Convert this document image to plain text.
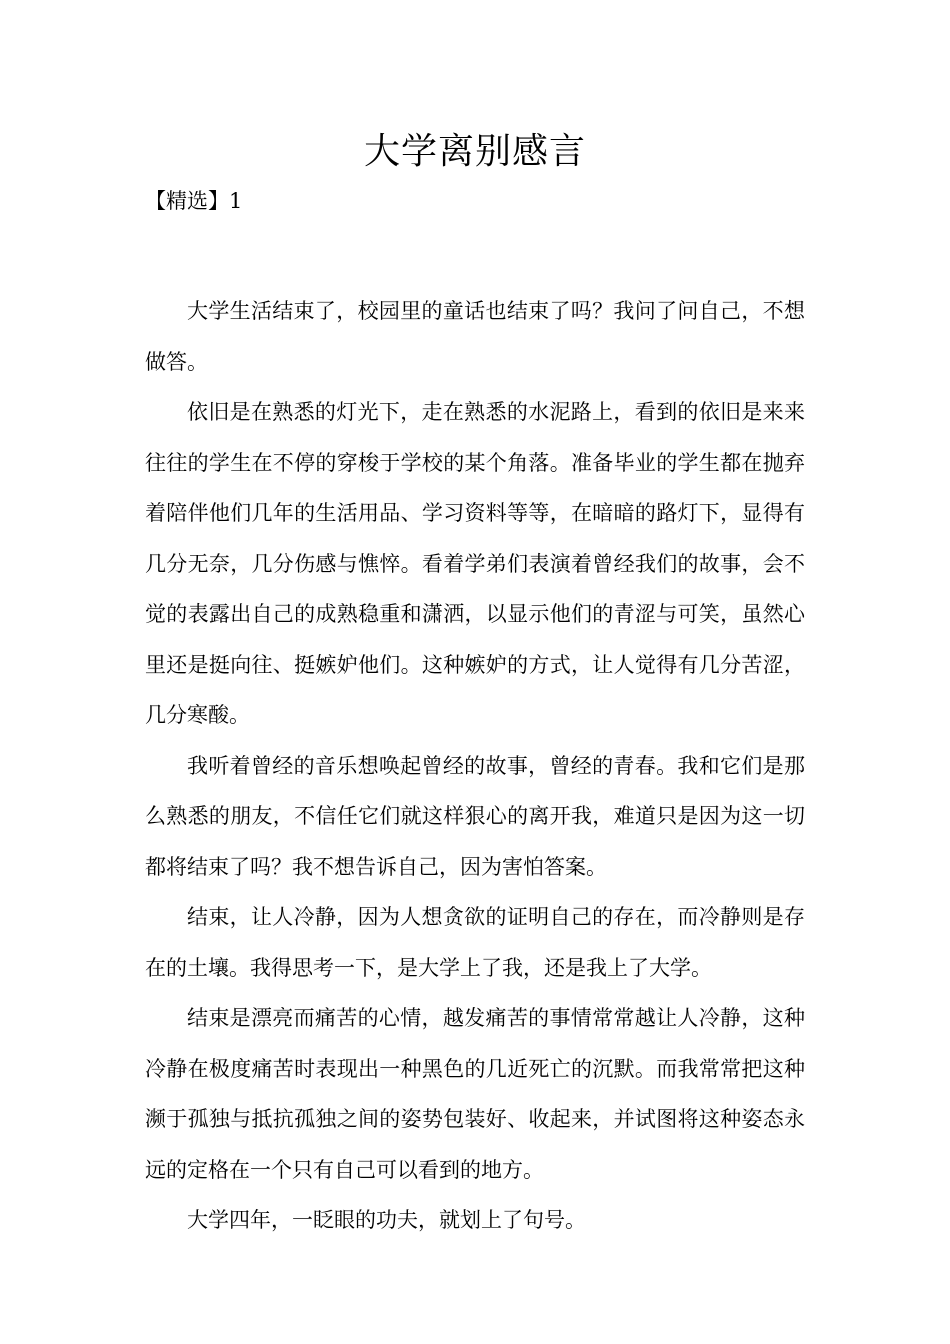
大学离别感言
【精选】1

大学生活结束了，校园里的童话也结束了吗？我问了问自己，不想做答。

依旧是在熟悉的灯光下，走在熟悉的水泥路上，看到的依旧是来来往往的学生在不停的穿梭于学校的某个角落。准备毕业的学生都在抛弃着陪伴他们几年的生活用品、学习资料等等，在暗暗的路灯下，显得有几分无奈，几分伤感与憔悴。看着学弟们表演着曾经我们的故事，会不觉的表露出自己的成熟稳重和潇洒，以显示他们的青涩与可笑，虽然心里还是挺向往、挺嫉妒他们。这种嫉妒的方式，让人觉得有几分苦涩，几分寒酸。

我听着曾经的音乐想唤起曾经的故事，曾经的青春。我和它们是那么熟悉的朋友，不信任它们就这样狠心的离开我，难道只是因为这一切都将结束了吗？我不想告诉自己，因为害怕答案。

结束，让人冷静，因为人想贪欲的证明自己的存在，而冷静则是存在的土壤。我得思考一下，是大学上了我，还是我上了大学。

结束是漂亮而痛苦的心情，越发痛苦的事情常常越让人冷静，这种冷静在极度痛苦时表现出一种黑色的几近死亡的沉默。而我常常把这种濒于孤独与抵抗孤独之间的姿势包装好、收起来，并试图将这种姿态永远的定格在一个只有自己可以看到的地方。

大学四年，一眨眼的功夫，就划上了句号。
